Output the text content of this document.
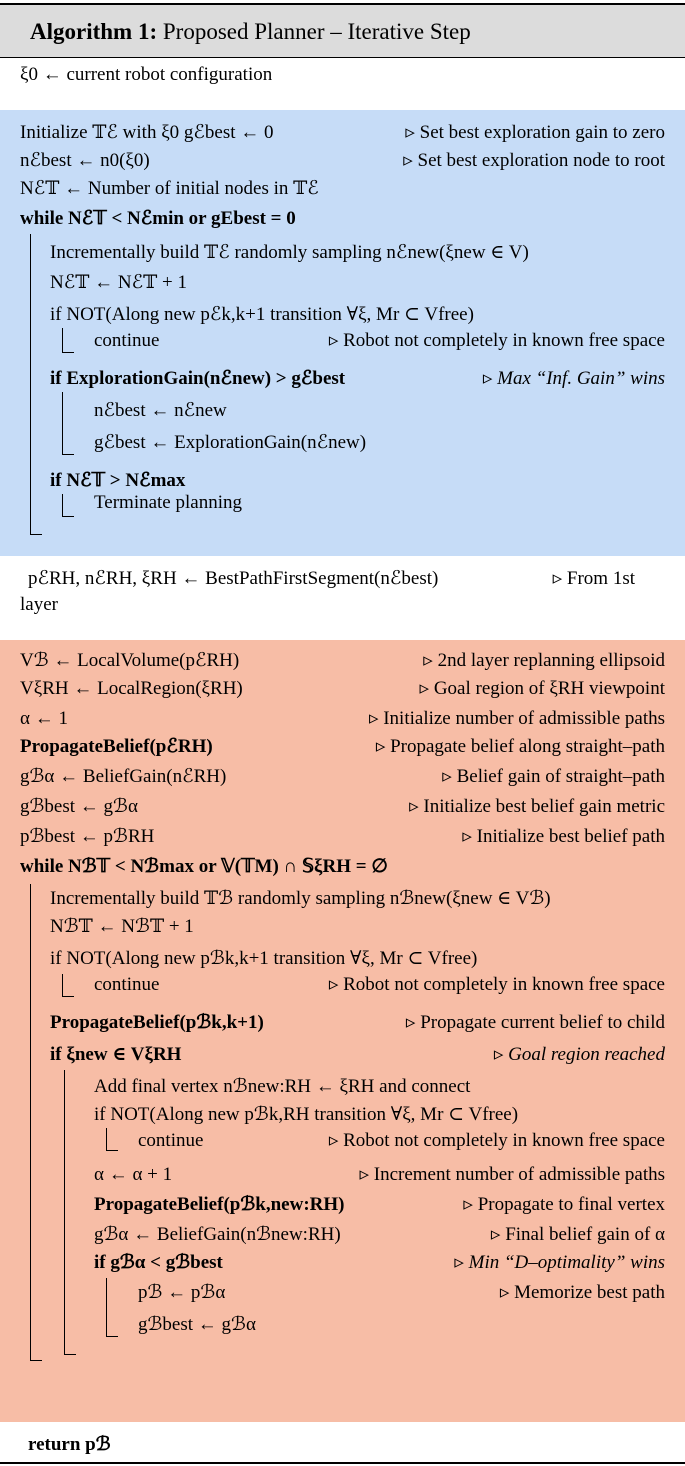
Algorithm 1: Proposed Planner – Iterative Step
ξ0 ← current robot configuration
Initialize 𝕋ℰ with ξ0 gℰbest ← 0	▹ Set best exploration gain to zero
nℰbest ← n0(ξ0)	▹ Set best exploration node to root
Nℰ𝕋 ← Number of initial nodes in 𝕋ℰ
while Nℰ𝕋 < Nℰmin or gEbest = 0
Incrementally build 𝕋ℰ randomly sampling nℰnew(ξnew ∈ V)
Nℰ𝕋 ← Nℰ𝕋 + 1
if NOT(Along new pℰk,k+1 transition ∀ξ, Mr ⊂ Vfree)
continue	▹ Robot not completely in known free space
if ExplorationGain(nℰnew) > gℰbest	▹ Max “Inf. Gain” wins
nℰbest ← nℰnew
gℰbest ← ExplorationGain(nℰnew)
if Nℰ𝕋 > Nℰmax
Terminate planning
pℰRH, nℰRH, ξRH ← BestPathFirstSegment(nℰbest)	▹ From 1st
layer
Vℬ ← LocalVolume(pℰRH)	▹ 2nd layer replanning ellipsoid
VξRH ← LocalRegion(ξRH)	▹ Goal region of ξRH viewpoint
α ← 1	▹ Initialize number of admissible paths
PropagateBelief(pℰRH)	▹ Propagate belief along straight–path
gℬα ← BeliefGain(nℰRH)	▹ Belief gain of straight–path
gℬbest ← gℬα	▹ Initialize best belief gain metric
pℬbest ← pℬRH	▹ Initialize best belief path
while Nℬ𝕋 < Nℬmax or 𝕍(𝕋M) ∩ 𝕊ξRH = ∅
Incrementally build 𝕋ℬ randomly sampling nℬnew(ξnew ∈ Vℬ)
Nℬ𝕋 ← Nℬ𝕋 + 1
if NOT(Along new pℬk,k+1 transition ∀ξ, Mr ⊂ Vfree)
continue	▹ Robot not completely in known free space
PropagateBelief(pℬk,k+1)	▹ Propagate current belief to child
if ξnew ∈ VξRH	▹ Goal region reached
Add final vertex nℬnew:RH ← ξRH and connect
if NOT(Along new pℬk,RH transition ∀ξ, Mr ⊂ Vfree)
continue	▹ Robot not completely in known free space
α ← α + 1	▹ Increment number of admissible paths
PropagateBelief(pℬk,new:RH)	▹ Propagate to final vertex
gℬα ← BeliefGain(nℬnew:RH)	▹ Final belief gain of α
if gℬα < gℬbest	▹ Min “D–optimality” wins
pℬ ← pℬα	▹ Memorize best path
gℬbest ← gℬα
return pℬ
